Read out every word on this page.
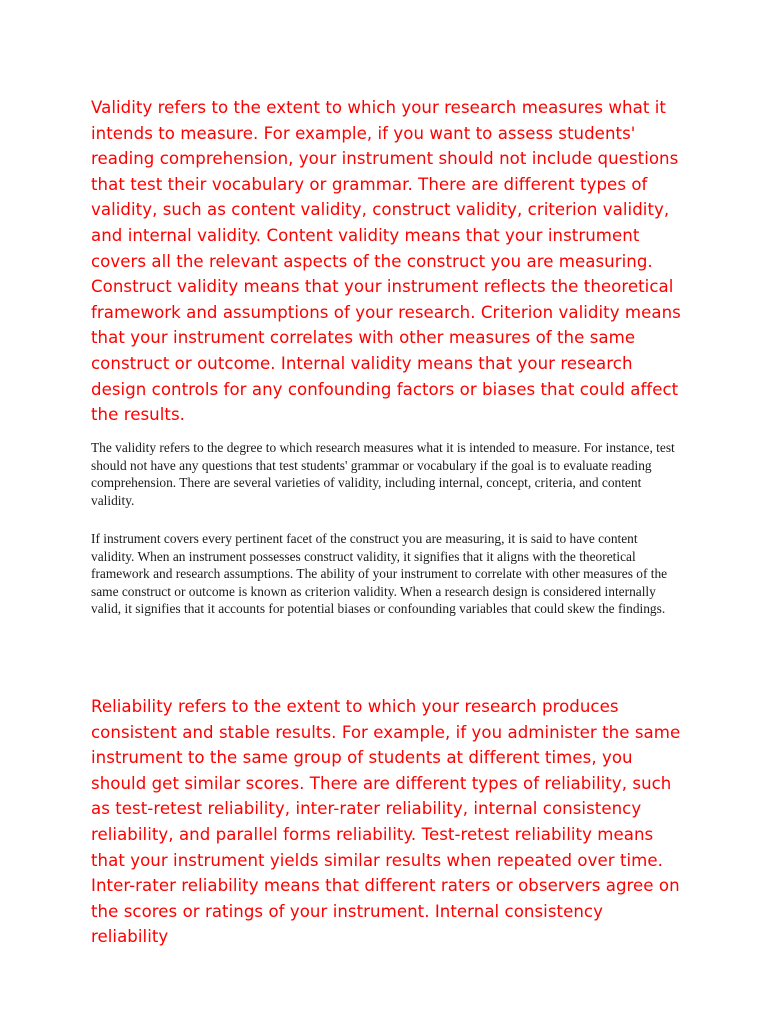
Validity refers to the extent to which your research measures what it intends to measure. For example, if you want to assess students' reading comprehension, your instrument should not include questions that test their vocabulary or grammar. There are different types of validity, such as content validity, construct validity, criterion validity, and internal validity. Content validity means that your instrument covers all the relevant aspects of the construct you are measuring. Construct validity means that your instrument reflects the theoretical framework and assumptions of your research. Criterion validity means that your instrument correlates with other measures of the same construct or outcome. Internal validity means that your research design controls for any confounding factors or biases that could affect the results.

The validity refers to the degree to which research measures what it is intended to measure. For instance, test should not have any questions that test students' grammar or vocabulary if the goal is to evaluate reading comprehension. There are several varieties of validity, including internal, concept, criteria, and content validity.

If instrument covers every pertinent facet of the construct you are measuring, it is said to have content validity. When an instrument possesses construct validity, it signifies that it aligns with the theoretical framework and research assumptions. The ability of your instrument to correlate with other measures of the same construct or outcome is known as criterion validity. When a research design is considered internally valid, it signifies that it accounts for potential biases or confounding variables that could skew the findings.

Reliability refers to the extent to which your research produces consistent and stable results. For example, if you administer the same instrument to the same group of students at different times, you should get similar scores. There are different types of reliability, such as test-retest reliability, inter-rater reliability, internal consistency reliability, and parallel forms reliability. Test-retest reliability means that your instrument yields similar results when repeated over time. Inter-rater reliability means that different raters or observers agree on the scores or ratings of your instrument. Internal consistency reliability
